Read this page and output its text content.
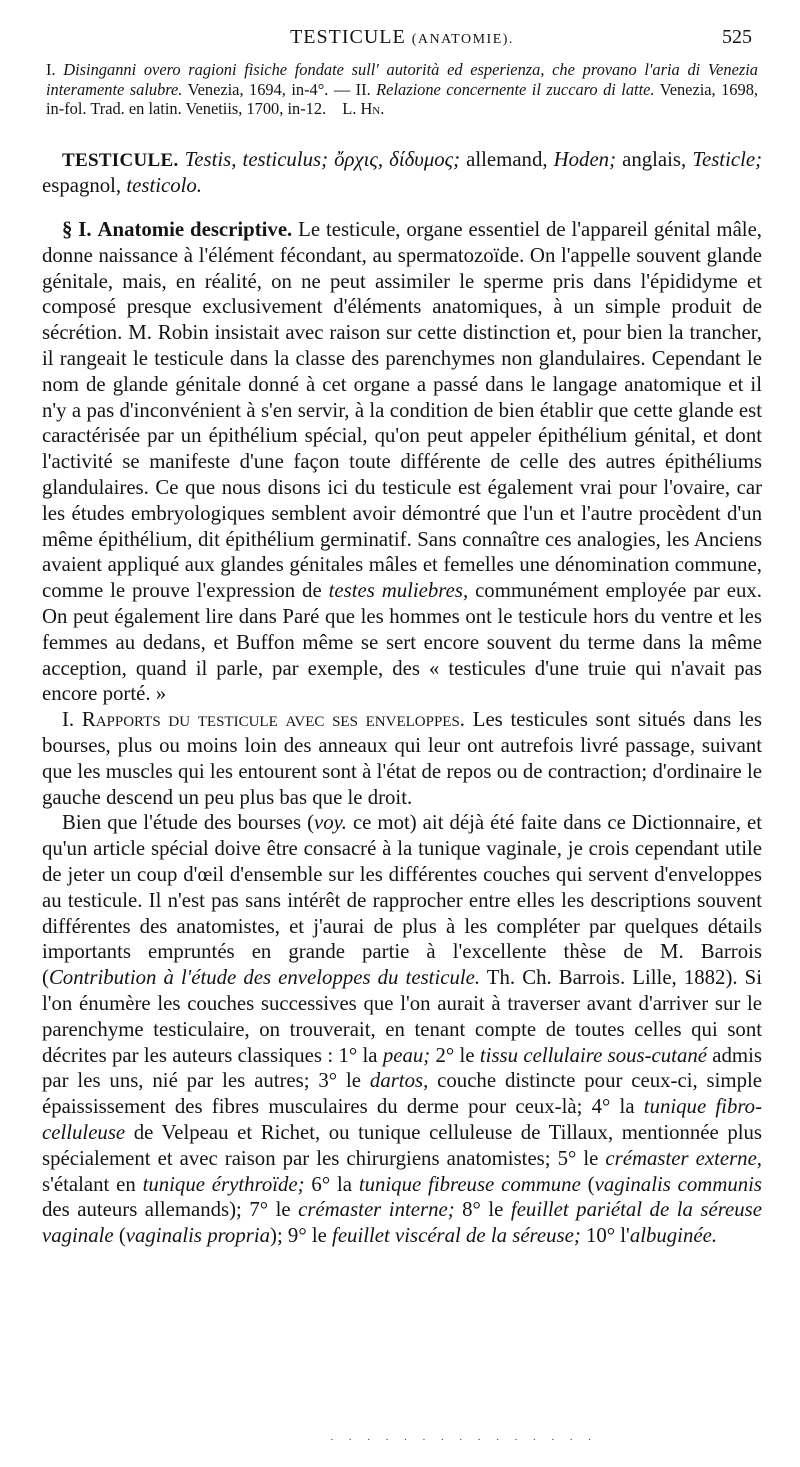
TESTICULE (ANATOMIE).	525

I. Disinganni overo ragioni fisiche fondate sull' autorità ed esperienza, che provano l'aria di Venezia interamente salubre. Venezia, 1694, in-4°. — II. Relazione concernente il zuccaro di latte. Venezia, 1698, in-fol. Trad. en latin. Venetiis, 1700, in-12. L. Hn.

TESTICULE. Testis, testiculus; ὄρχις, δίδυμος; allemand, Hoden; anglais, Testicle; espagnol, testicolo.

§ I. Anatomie descriptive. Le testicule, organe essentiel de l'appareil génital mâle, donne naissance à l'élément fécondant, au spermatozoïde. On l'appelle souvent glande génitale, mais, en réalité, on ne peut assimiler le sperme pris dans l'épididyme et composé presque exclusivement d'éléments anatomiques, à un simple produit de sécrétion. M. Robin insistait avec raison sur cette distinction et, pour bien la trancher, il rangeait le testicule dans la classe des parenchymes non glandulaires. Cependant le nom de glande génitale donné à cet organe a passé dans le langage anatomique et il n'y a pas d'inconvénient à s'en servir, à la condition de bien établir que cette glande est caractérisée par un épithélium spécial, qu'on peut appeler épithélium génital, et dont l'activité se manifeste d'une façon toute différente de celle des autres épithéliums glandulaires. Ce que nous disons ici du testicule est également vrai pour l'ovaire, car les études embryologiques semblent avoir démontré que l'un et l'autre procèdent d'un même épithélium, dit épithélium germinatif. Sans connaître ces analogies, les Anciens avaient appliqué aux glandes génitales mâles et femelles une dénomination commune, comme le prouve l'expression de testes muliebres, communément employée par eux. On peut également lire dans Paré que les hommes ont le testicule hors du ventre et les femmes au dedans, et Buffon même se sert encore souvent du terme dans la même acception, quand il parle, par exemple, des « testicules d'une truie qui n'avait pas encore porté. »

I. Rapports du testicule avec ses enveloppes. Les testicules sont situés dans les bourses, plus ou moins loin des anneaux qui leur ont autrefois livré passage, suivant que les muscles qui les entourent sont à l'état de repos ou de contraction; d'ordinaire le gauche descend un peu plus bas que le droit.

Bien que l'étude des bourses (voy. ce mot) ait déjà été faite dans ce Dictionnaire, et qu'un article spécial doive être consacré à la tunique vaginale, je crois cependant utile de jeter un coup d'œil d'ensemble sur les différentes couches qui servent d'enveloppes au testicule. Il n'est pas sans intérêt de rapprocher entre elles les descriptions souvent différentes des anatomistes, et j'aurai de plus à les compléter par quelques détails importants empruntés en grande partie à l'excellente thèse de M. Barrois (Contribution à l'étude des enveloppes du testicule. Th. Ch. Barrois. Lille, 1882). Si l'on énumère les couches successives que l'on aurait à traverser avant d'arriver sur le parenchyme testiculaire, on trouverait, en tenant compte de toutes celles qui sont décrites par les auteurs classiques : 1° la peau; 2° le tissu cellulaire sous-cutané admis par les uns, nié par les autres; 3° le dartos, couche distincte pour ceux-ci, simple épaississement des fibres musculaires du derme pour ceux-là; 4° la tunique fibro-celluleuse de Velpeau et Richet, ou tunique celluleuse de Tillaux, mentionnée plus spécialement et avec raison par les chirurgiens anatomistes; 5° le crémaster externe, s'étalant en tunique érythroïde; 6° la tunique fibreuse commune (vaginalis communis des auteurs allemands); 7° le crémaster interne; 8° le feuillet pariétal de la séreuse vaginale (vaginalis propria); 9° le feuillet viscéral de la séreuse; 10° l'albuginée.

· · · · · · · · · · · · · · ·
